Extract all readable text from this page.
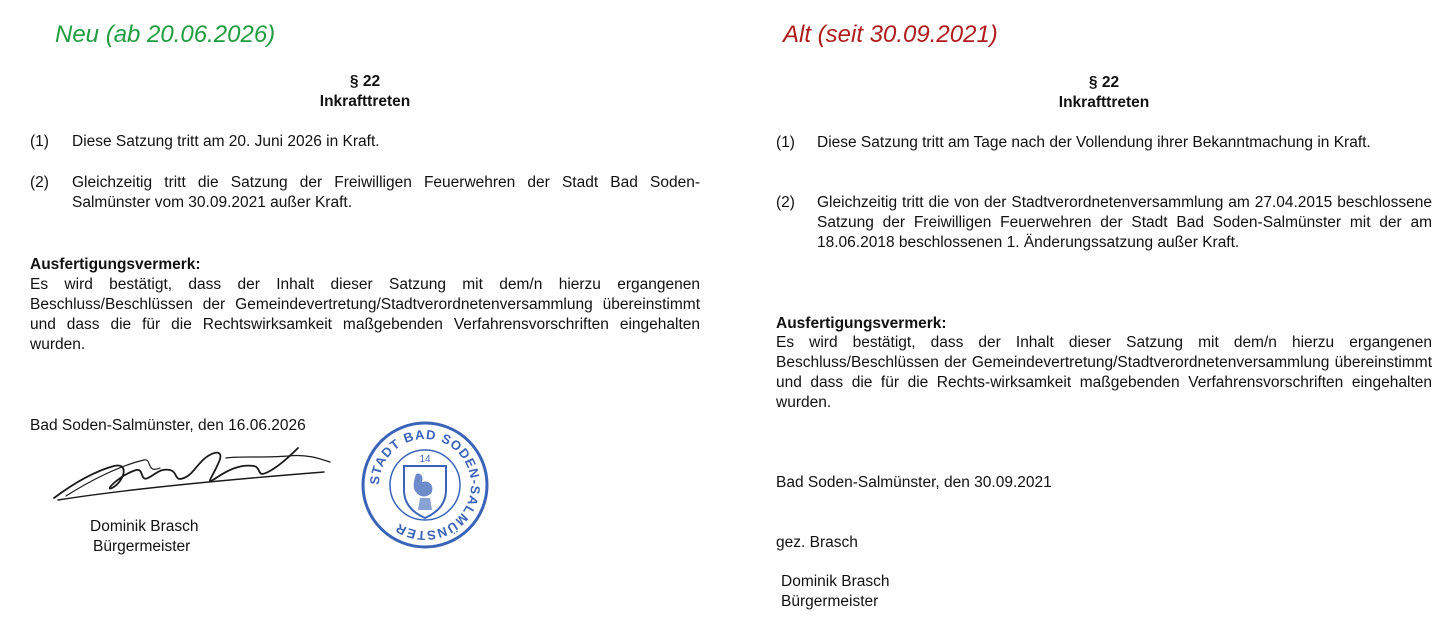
Neu (ab 20.06.2026)
§ 22
Inkrafttreten
(1) Diese Satzung tritt am 20. Juni 2026 in Kraft.
(2) Gleichzeitig tritt die Satzung der Freiwilligen Feuerwehren der Stadt Bad Soden-Salmünster vom 30.09.2021 außer Kraft.
Ausfertigungsvermerk:
Es wird bestätigt, dass der Inhalt dieser Satzung mit dem/n hierzu ergangenen Beschluss/Beschlüssen der Gemeindevertretung/Stadtverordnetenversammlung übereinstimmt und dass die für die Rechtswirksamkeit maßgebenden Verfahrensvorschriften eingehalten wurden.
Bad Soden-Salmünster, den 16.06.2026
Dominik Brasch
Bürgermeister
STADT BAD SODEN-SALMÜNSTER
14
Alt (seit 30.09.2021)
§ 22
Inkrafttreten
(1) Diese Satzung tritt am Tage nach der Vollendung ihrer Bekanntmachung in Kraft.
(2) Gleichzeitig tritt die von der Stadtverordnetenversammlung am 27.04.2015 beschlossene Satzung der Freiwilligen Feuerwehren der Stadt Bad Soden-Salmünster mit der am 18.06.2018 beschlossenen 1. Änderungssatzung außer Kraft.
Ausfertigungsvermerk:
Es wird bestätigt, dass der Inhalt dieser Satzung mit dem/n hierzu ergangenen Beschluss/Beschlüssen der Gemeindevertretung/Stadtverordnetenversammlung übereinstimmt und dass die für die Rechts-wirksamkeit maßgebenden Verfahrensvorschriften eingehalten wurden.
Bad Soden-Salmünster, den 30.09.2021
gez. Brasch
Dominik Brasch
Bürgermeister
